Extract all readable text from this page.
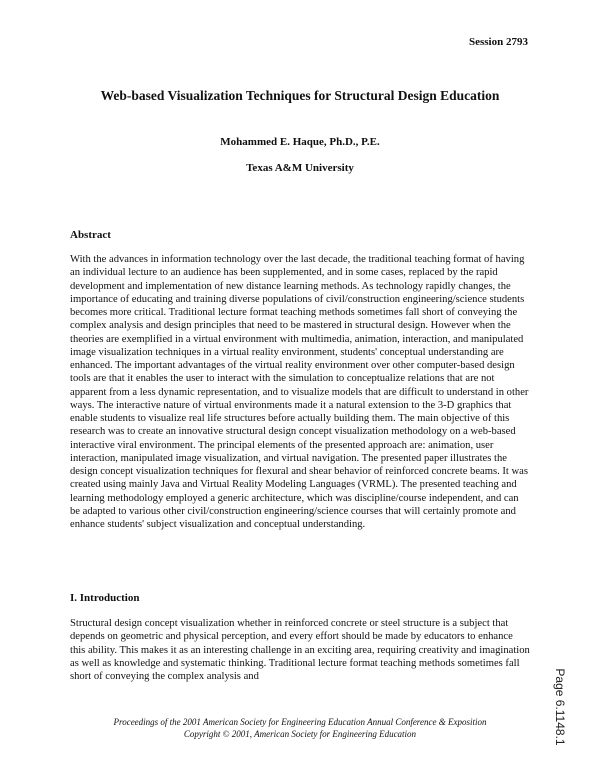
Session 2793
Web-based Visualization Techniques for Structural Design Education
Mohammed E. Haque, Ph.D., P.E.
Texas A&M University
Abstract

With the advances in information technology over the last decade, the traditional teaching format of having an individual lecture to an audience has been supplemented, and in some cases, replaced by the rapid development and implementation of new distance learning methods. As technology rapidly changes, the importance of educating and training diverse populations of civil/construction engineering/science students becomes more critical. Traditional lecture format teaching methods sometimes fall short of conveying the complex analysis and design principles that need to be mastered in structural design. However when the theories are exemplified in a virtual environment with multimedia, animation, interaction, and manipulated image visualization techniques in a virtual reality environment, students' conceptual understanding are enhanced. The important advantages of the virtual reality environment over other computer-based design tools are that it enables the user to interact with the simulation to conceptualize relations that are not apparent from a less dynamic representation, and to visualize models that are difficult to understand in other ways. The interactive nature of virtual environments made it a natural extension to the 3-D graphics that enable students to visualize real life structures before actually building them. The main objective of this research was to create an innovative structural design concept visualization methodology on a web-based interactive viral environment. The principal elements of the presented approach are: animation, user interaction, manipulated image visualization, and virtual navigation. The presented paper illustrates the design concept visualization techniques for flexural and shear behavior of reinforced concrete beams. It was created using mainly Java and Virtual Reality Modeling Languages (VRML). The presented teaching and learning methodology employed a generic architecture, which was discipline/course independent, and can be adapted to various other civil/construction engineering/science courses that will certainly promote and enhance students' subject visualization and conceptual understanding.

I. Introduction

Structural design concept visualization whether in reinforced concrete or steel structure is a subject that depends on geometric and physical perception, and every effort should be made by educators to enhance this ability. This makes it as an interesting challenge in an exciting area, requiring creativity and imagination as well as knowledge and systematic thinking. Traditional lecture format teaching methods sometimes fall short of conveying the complex analysis and

Proceedings of the 2001 American Society for Engineering Education Annual Conference & Exposition
Copyright © 2001, American Society for Engineering Education	Page 6.1148.1
